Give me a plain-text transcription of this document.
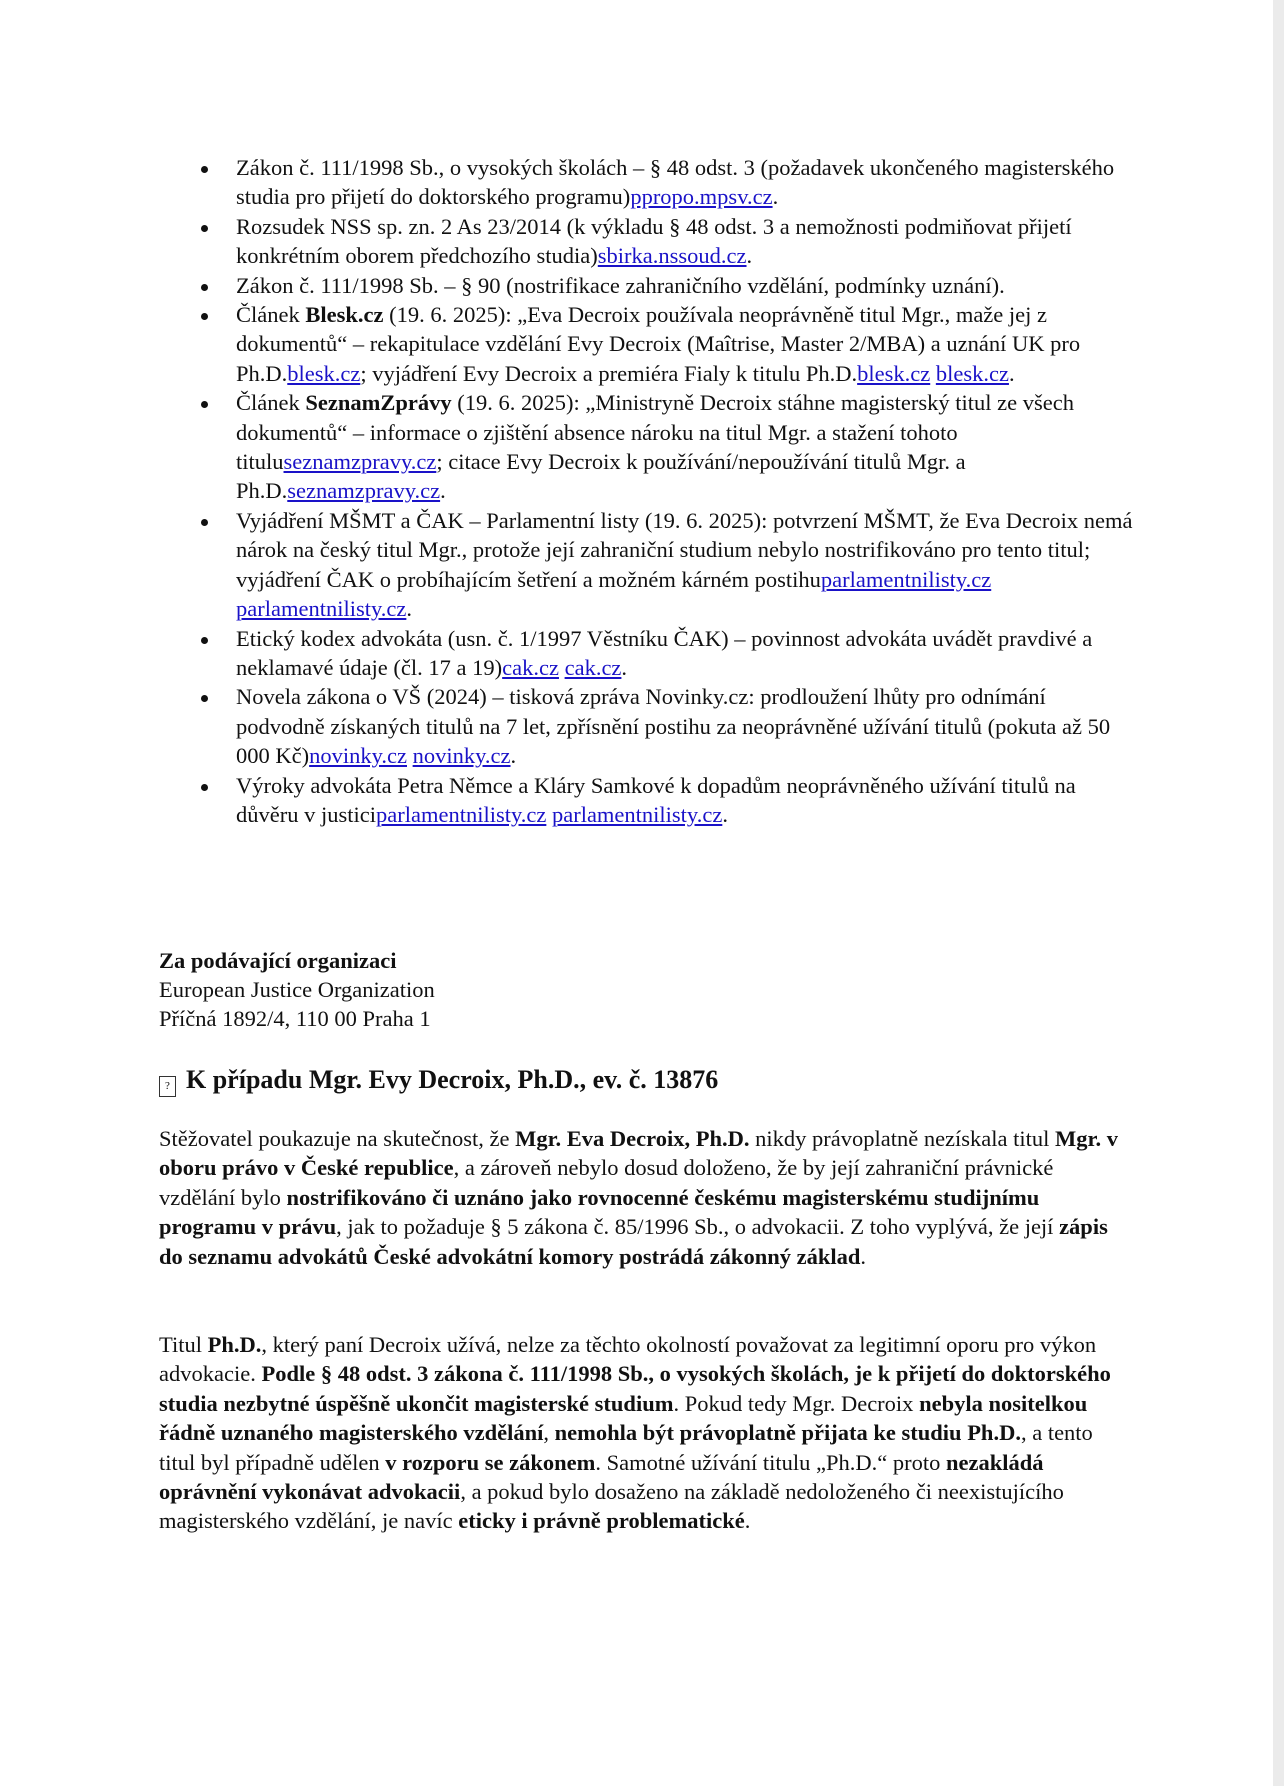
Zákon č. 111/1998 Sb., o vysokých školách – § 48 odst. 3 (požadavek ukončeného magisterského studia pro přijetí do doktorského programu)ppropo.mpsv.cz.
Rozsudek NSS sp. zn. 2 As 23/2014 (k výkladu § 48 odst. 3 a nemožnosti podmiňovat přijetí konkrétním oborem předchozího studia)sbirka.nssoud.cz.
Zákon č. 111/1998 Sb. – § 90 (nostrifikace zahraničního vzdělání, podmínky uznání).
Článek Blesk.cz (19. 6. 2025): „Eva Decroix používala neoprávněně titul Mgr., maže jej z dokumentů“ – rekapitulace vzdělání Evy Decroix (Maîtrise, Master 2/MBA) a uznání UK pro Ph.D.blesk.cz; vyjádření Evy Decroix a premiéra Fialy k titulu Ph.D.blesk.cz blesk.cz.
Článek SeznamZprávy (19. 6. 2025): „Ministryně Decroix stáhne magisterský titul ze všech dokumentů“ – informace o zjištění absence nároku na titul Mgr. a stažení tohoto tituluseznamzpravy.cz; citace Evy Decroix k používání/nepoužívání titulů Mgr. a Ph.D.seznamzpravy.cz.
Vyjádření MŠMT a ČAK – Parlamentní listy (19. 6. 2025): potvrzení MŠMT, že Eva Decroix nemá nárok na český titul Mgr., protože její zahraniční studium nebylo nostrifikováno pro tento titul; vyjádření ČAK o probíhajícím šetření a možném kárném postihuparlamentnilisty.cz parlamentnilisty.cz.
Etický kodex advokáta (usn. č. 1/1997 Věstníku ČAK) – povinnost advokáta uvádět pravdivé a neklamavé údaje (čl. 17 a 19)cak.cz cak.cz.
Novela zákona o VŠ (2024) – tisková zpráva Novinky.cz: prodloužení lhůty pro odnímání podvodně získaných titulů na 7 let, zpřísnění postihu za neoprávněné užívání titulů (pokuta až 50 000 Kč)novinky.cz novinky.cz.
Výroky advokáta Petra Němce a Kláry Samkové k dopadům neoprávněného užívání titulů na důvěru v justiciparlamentnilisty.cz parlamentnilisty.cz.
Za podávající organizaci
European Justice Organization
Příčná 1892/4, 110 00 Praha 1
? K případu Mgr. Evy Decroix, Ph.D., ev. č. 13876

Stěžovatel poukazuje na skutečnost, že Mgr. Eva Decroix, Ph.D. nikdy právoplatně nezískala titul Mgr. v oboru právo v České republice, a zároveň nebylo dosud doloženo, že by její zahraniční právnické vzdělání bylo nostrifikováno či uznáno jako rovnocenné českému magisterskému studijnímu programu v právu, jak to požaduje § 5 zákona č. 85/1996 Sb., o advokacii. Z toho vyplývá, že její zápis do seznamu advokátů České advokátní komory postrádá zákonný základ.

Titul Ph.D., který paní Decroix užívá, nelze za těchto okolností považovat za legitimní oporu pro výkon advokacie. Podle § 48 odst. 3 zákona č. 111/1998 Sb., o vysokých školách, je k přijetí do doktorského studia nezbytné úspěšně ukončit magisterské studium. Pokud tedy Mgr. Decroix nebyla nositelkou řádně uznaného magisterského vzdělání, nemohla být právoplatně přijata ke studiu Ph.D., a tento titul byl případně udělen v rozporu se zákonem. Samotné užívání titulu „Ph.D.“ proto nezakládá oprávnění vykonávat advokacii, a pokud bylo dosaženo na základě nedoloženého či neexistujícího magisterského vzdělání, je navíc eticky i právně problematické.
